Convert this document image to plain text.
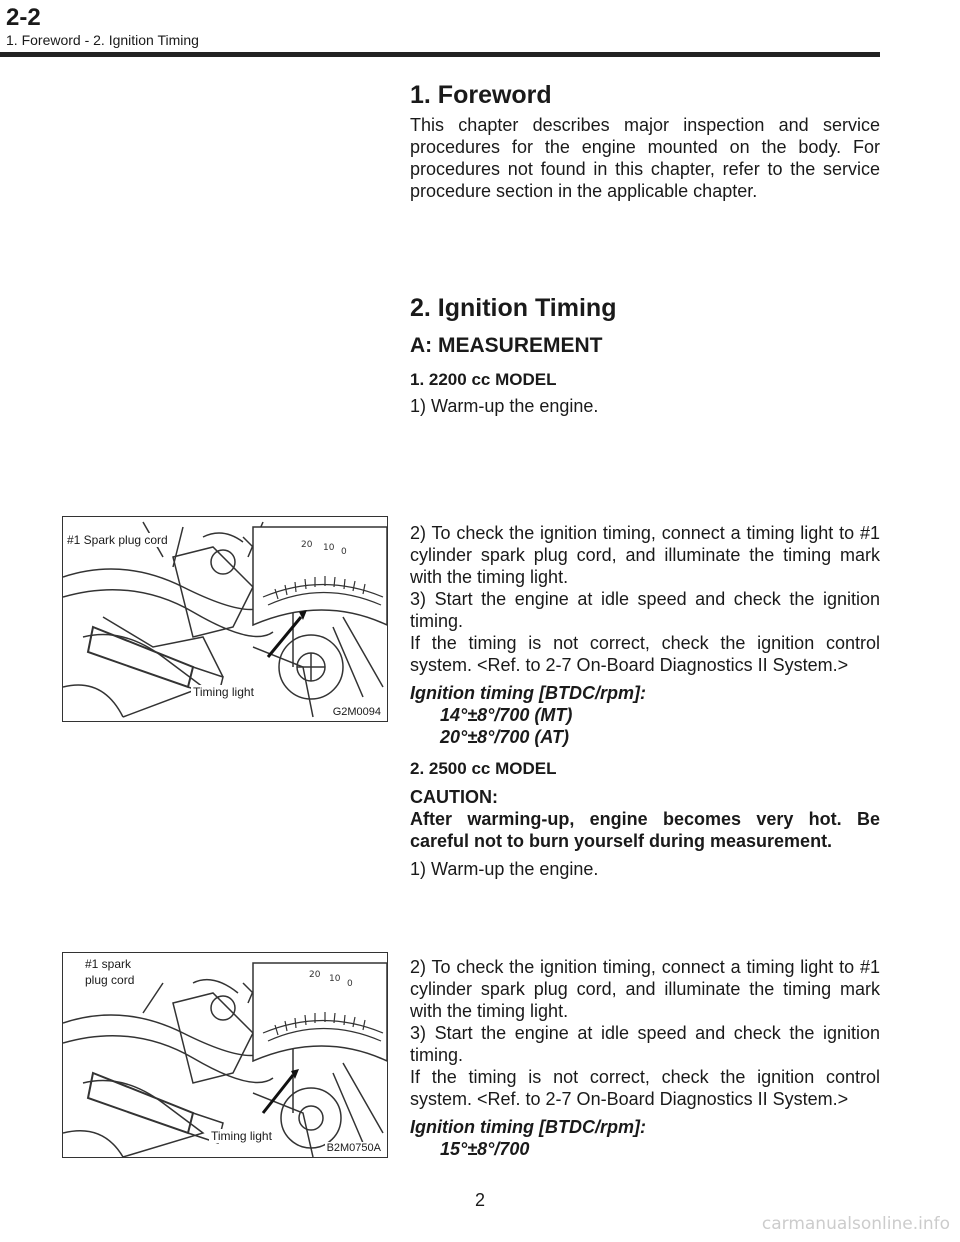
2-2
1. Foreword - 2. Ignition Timing
1. Foreword

This chapter describes major inspection and service procedures for the engine mounted on the body. For procedures not found in this chapter, refer to the service procedure section in the applicable chapter.

2. Ignition Timing
A: MEASUREMENT
1. 2200 cc MODEL

1) Warm-up the engine.

20 10 0
#1 Spark plug cord
Timing light
G2M0094

2) To check the ignition timing, connect a timing light to #1 cylinder spark plug cord, and illuminate the timing mark with the timing light.

3) Start the engine at idle speed and check the ignition timing.

If the timing is not correct, check the ignition control system. <Ref. to 2-7 On-Board Diagnostics II System.>

Ignition timing [BTDC/rpm]:
14°±8°/700 (MT)
20°±8°/700 (AT)
2. 2500 cc MODEL
CAUTION:
After warming-up, engine becomes very hot. Be careful not to burn yourself during measurement.

1) Warm-up the engine.

20 10 0
#1 spark
plug cord
Timing light
B2M0750A

2) To check the ignition timing, connect a timing light to #1 cylinder spark plug cord, and illuminate the timing mark with the timing light.

3) Start the engine at idle speed and check the ignition timing.

If the timing is not correct, check the ignition control system. <Ref. to 2-7 On-Board Diagnostics II System.>

Ignition timing [BTDC/rpm]:
15°±8°/700
2
carmanualsonline.info
